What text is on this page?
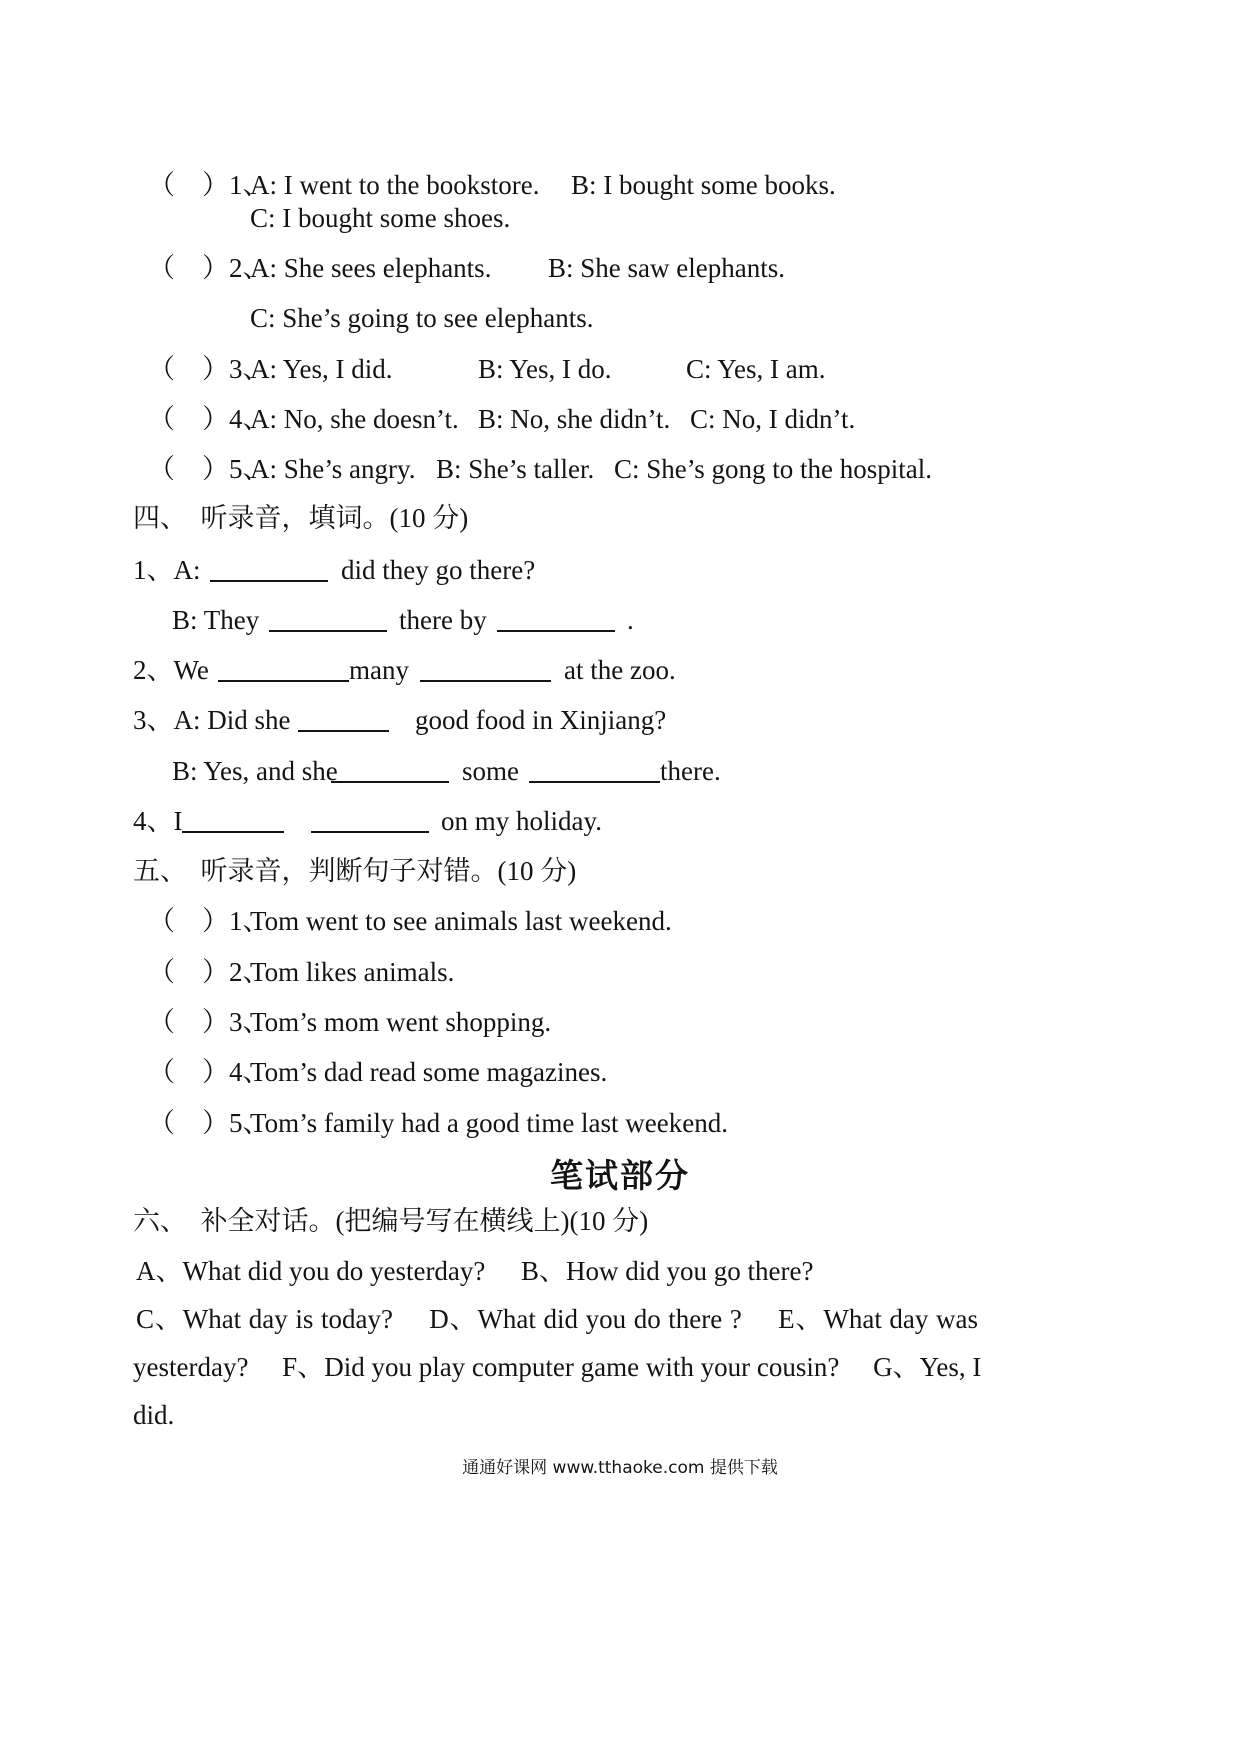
（　）1、
A: I went to the bookstore. B: I bought some books.
C: I bought some shoes.
（　）2、
A: She sees elephants. B: She saw elephants.
C: She’s going to see elephants.
（　）3、
A: Yes, I did.	B: Yes, I do.	C: Yes, I am.
（　）4、
A: No, she doesn’t. B: No, she didn’t. C: No, I didn’t.
（　）5、
A: She’s angry. B: She’s taller. C: She’s gong to the hospital.
四、　听录音，填词。(10 分)
1、A:	did they go there?
B: They	there by	.
2、We	many	at the zoo.
3、A: Did she	good food in Xinjiang?
B: Yes, and she	some	there.
4、I	on my holiday.
五、　听录音，判断句子对错。(10 分)
（　）1、
Tom went to see animals last weekend.
（　）2、
Tom likes animals.
（　）3、
Tom’s mom went shopping.
（　）4、
Tom’s dad read some magazines.
（　）5、
Tom’s family had a good time last weekend.
笔试部分
六、　补全对话。(把编号写在横线上)(10 分)
A、What did you do yesterday? B、How did you go there?
C、What day is today?　 D、What did you do there ?　 E、What day was
yesterday?　 F、Did you play computer game with your cousin?　 G、Yes, I
did.
通通好课网 www.tthaoke.com 提供下载
